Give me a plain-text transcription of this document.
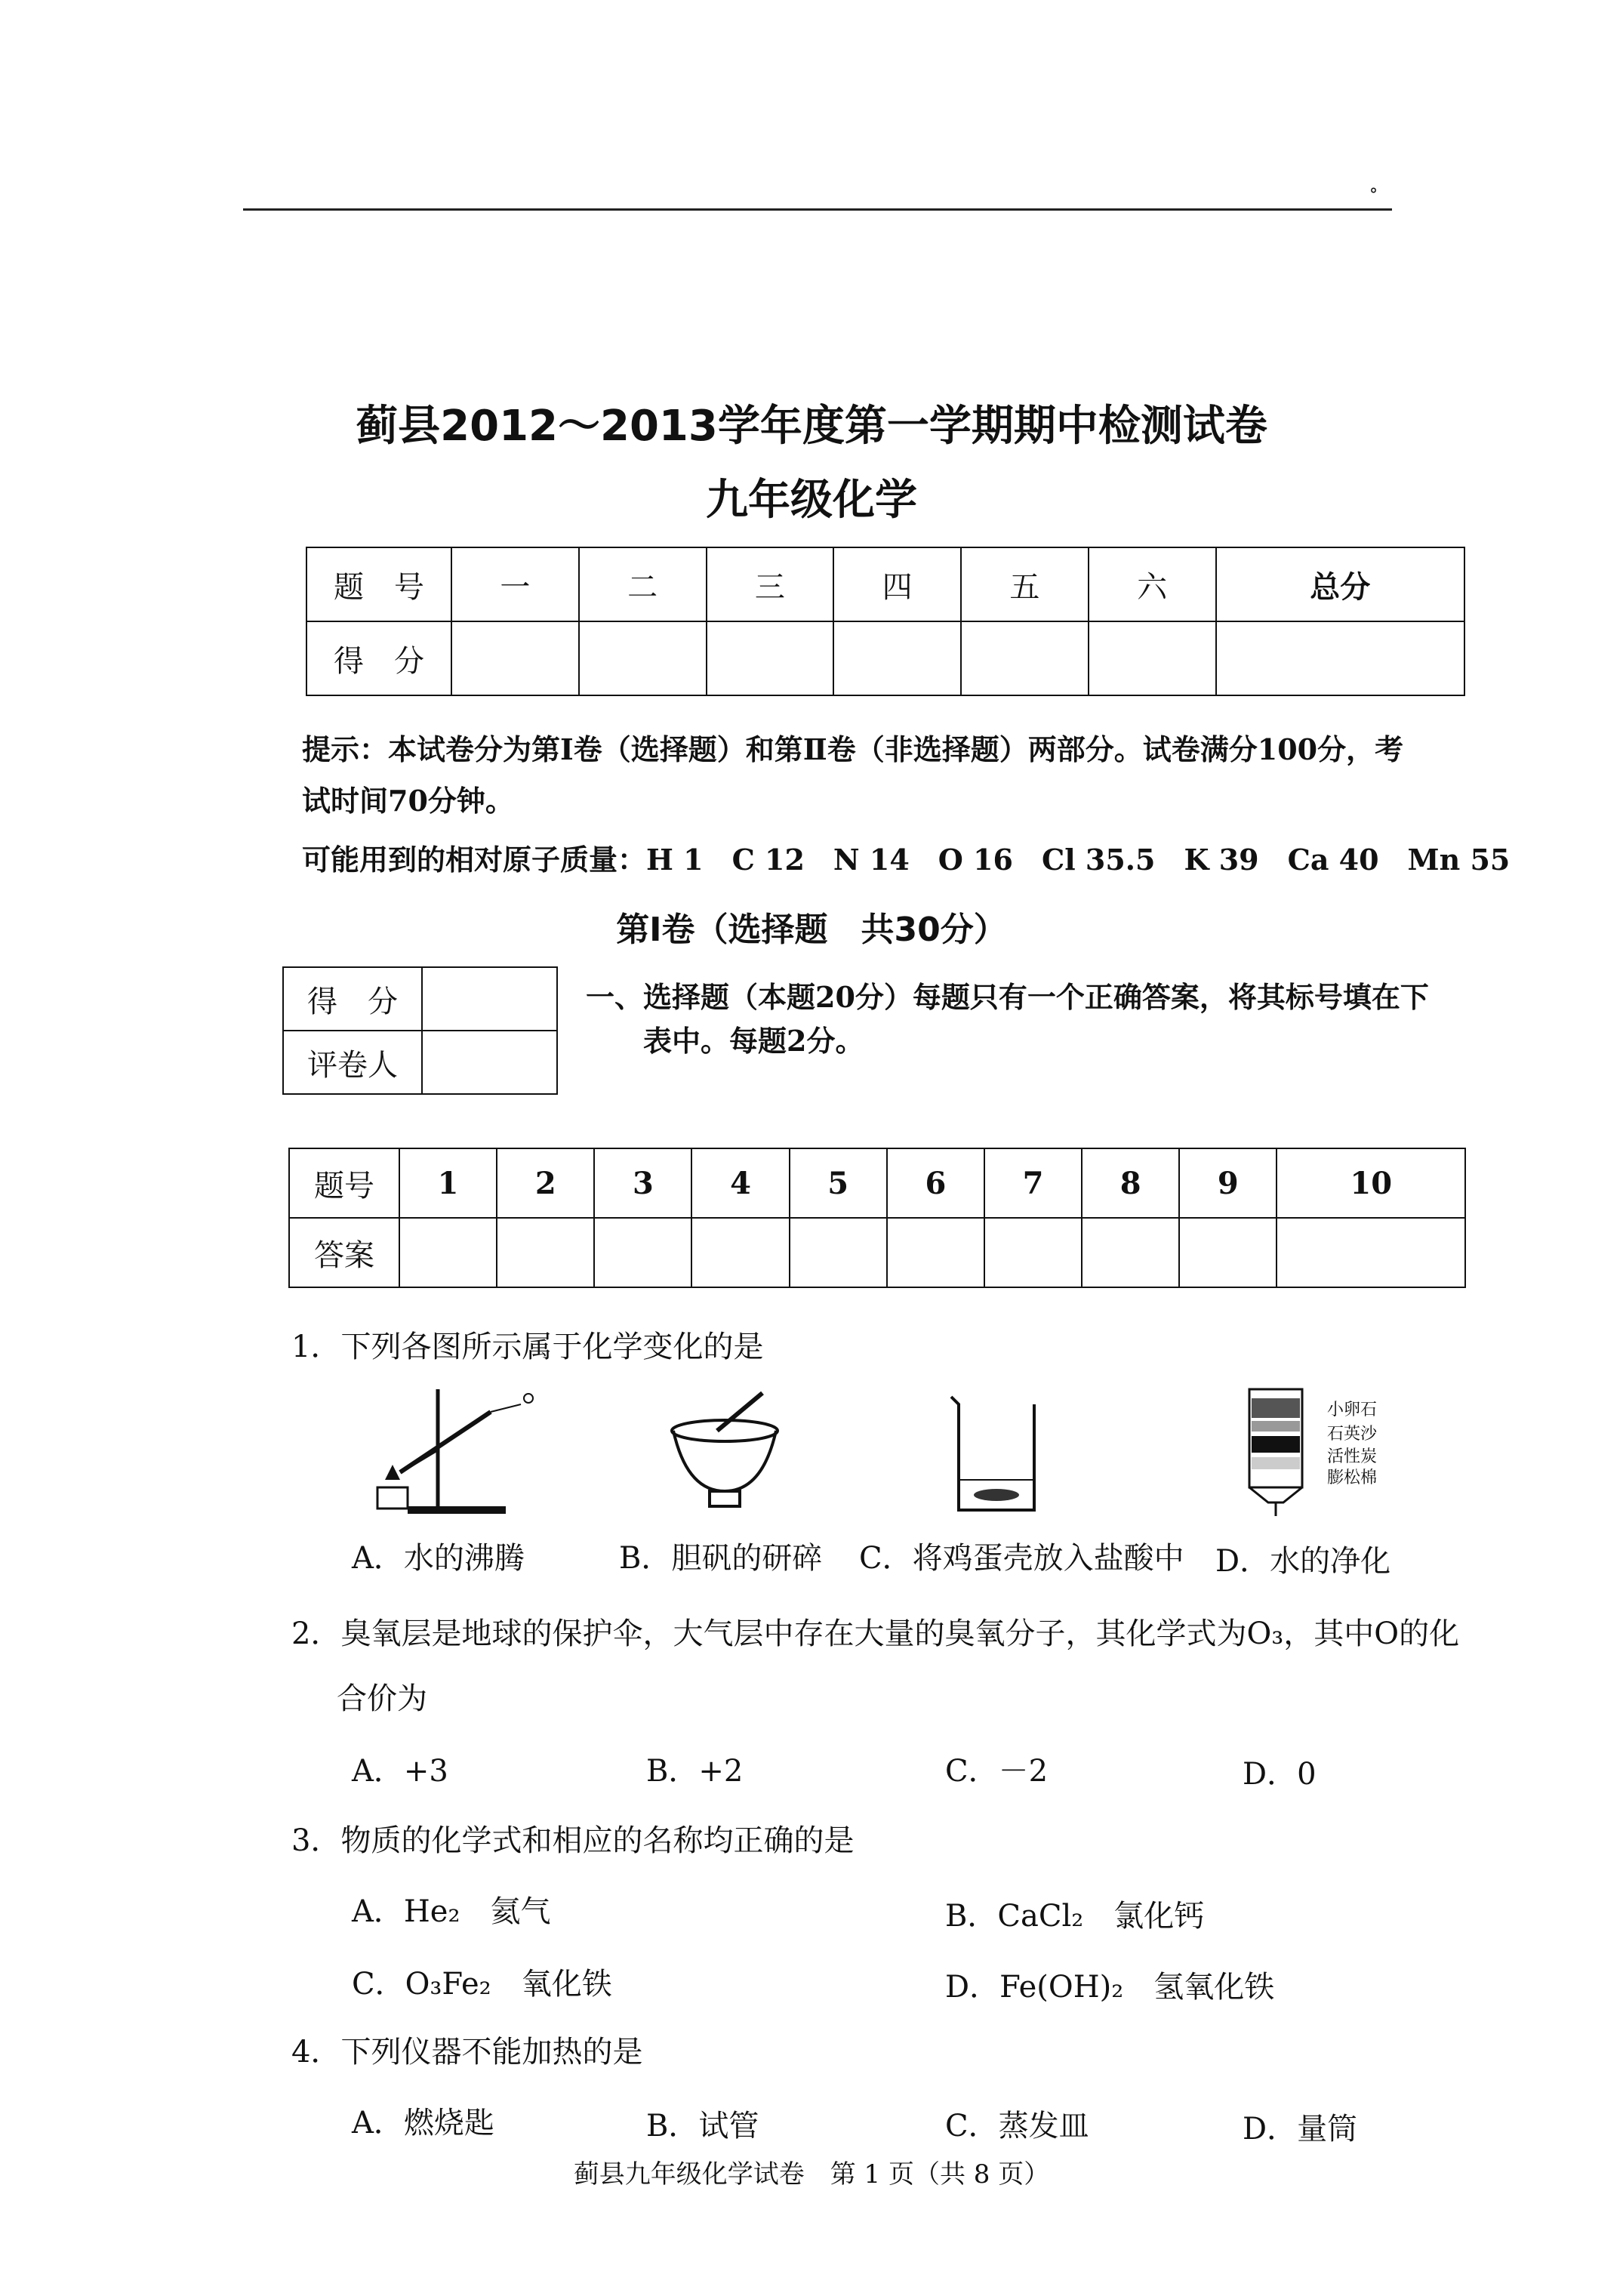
°
蓟县2012～2013学年度第一学期期中检测试卷
九年级化学
题　号	一	二	三	四	五	六	总分
得　分							
提示：本试卷分为第Ⅰ卷（选择题）和第Ⅱ卷（非选择题）两部分。试卷满分100分，考
试时间70分钟。
可能用到的相对原子质量：H 1　C 12　N 14　O 16　Cl 35.5　K 39　Ca 40　Mn 55
第Ⅰ卷（选择题　共30分）
得　分	
评卷人	
一、选择题（本题20分）每题只有一个正确答案，将其标号填在下
表中。每题2分。
题号	1	2	3	4	5	6	7	8	9	10
答案										
1．下列各图所示属于化学变化的是
小卵石
石英沙
活性炭
膨松棉
A．水的沸腾	B．胆矾的研碎 C．将鸡蛋壳放入盐酸中 D．水的净化
2．臭氧层是地球的保护伞，大气层中存在大量的臭氧分子，其化学式为O₃，其中O的化
合价为
A．+3	B．+2	C．－2	D．0
3．物质的化学式和相应的名称均正确的是
A．He₂　氦气	B．CaCl₂　氯化钙
C．O₃Fe₂　氧化铁	D．Fe(OH)₂　氢氧化铁
4．下列仪器不能加热的是
A．燃烧匙	B．试管	C．蒸发皿	D．量筒
蓟县九年级化学试卷　第 1 页（共 8 页）
